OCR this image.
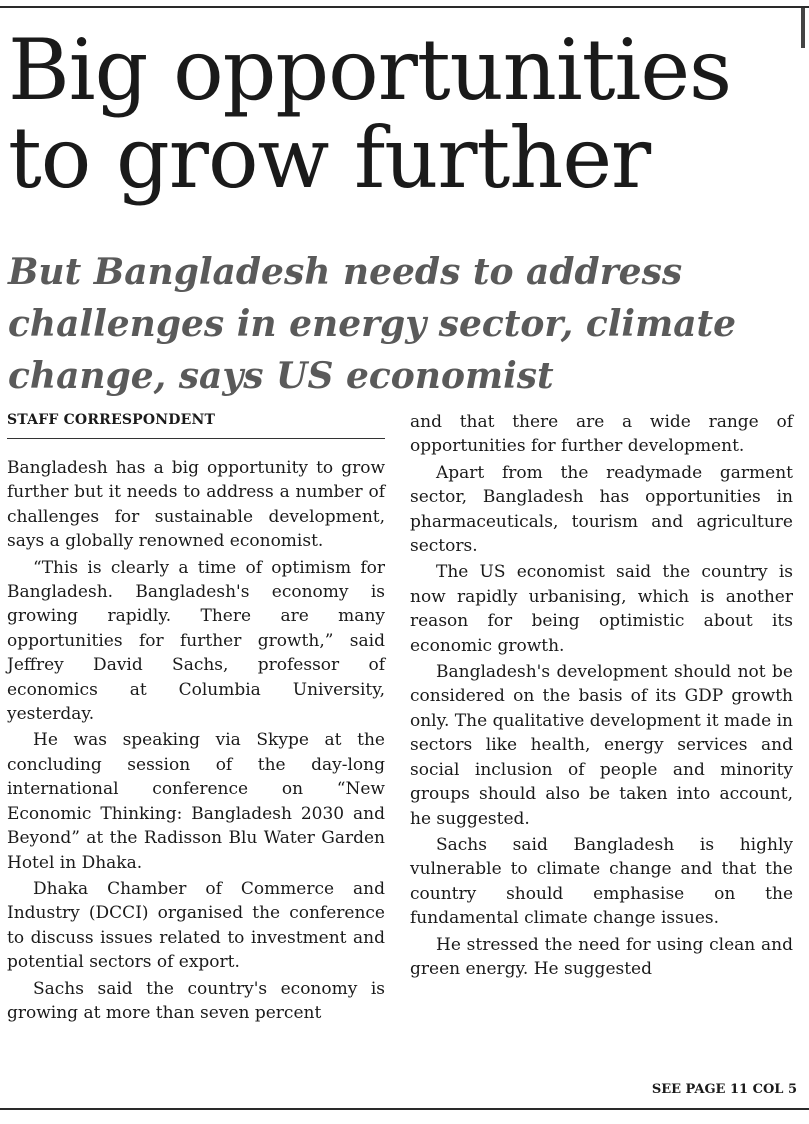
Big opportunities
to grow further
But Bangladesh needs to address
challenges in energy sector, climate
change, says US economist
STAFF CORRESPONDENT

Bangladesh has a big opportunity to grow further but it needs to address a number of challenges for sustainable development, says a globally renowned economist.

“This is clearly a time of optimism for Bangladesh. Bangladesh's economy is growing rapidly. There are many opportunities for further growth,” said Jeffrey David Sachs, professor of economics at Columbia University, yesterday.

He was speaking via Skype at the concluding session of the day-long international conference on “New Economic Thinking: Bangladesh 2030 and Beyond” at the Radisson Blu Water Garden Hotel in Dhaka.

Dhaka Chamber of Commerce and Industry (DCCI) organised the conference to discuss issues related to investment and potential sectors of export.

Sachs said the country's economy is growing at more than seven percent

and that there are a wide range of opportunities for further development.

Apart from the readymade garment sector, Bangladesh has opportunities in pharmaceuticals, tourism and agriculture sectors.

The US economist said the country is now rapidly urbanising, which is another reason for being optimistic about its economic growth.

Bangladesh's development should not be considered on the basis of its GDP growth only. The qualitative development it made in sectors like health, energy services and social inclusion of people and minority groups should also be taken into account, he suggested.

Sachs said Bangladesh is highly vulnerable to climate change and that the country should emphasise on the fundamental climate change issues.

He stressed the need for using clean and green energy. He suggested

SEE PAGE 11 COL 5
